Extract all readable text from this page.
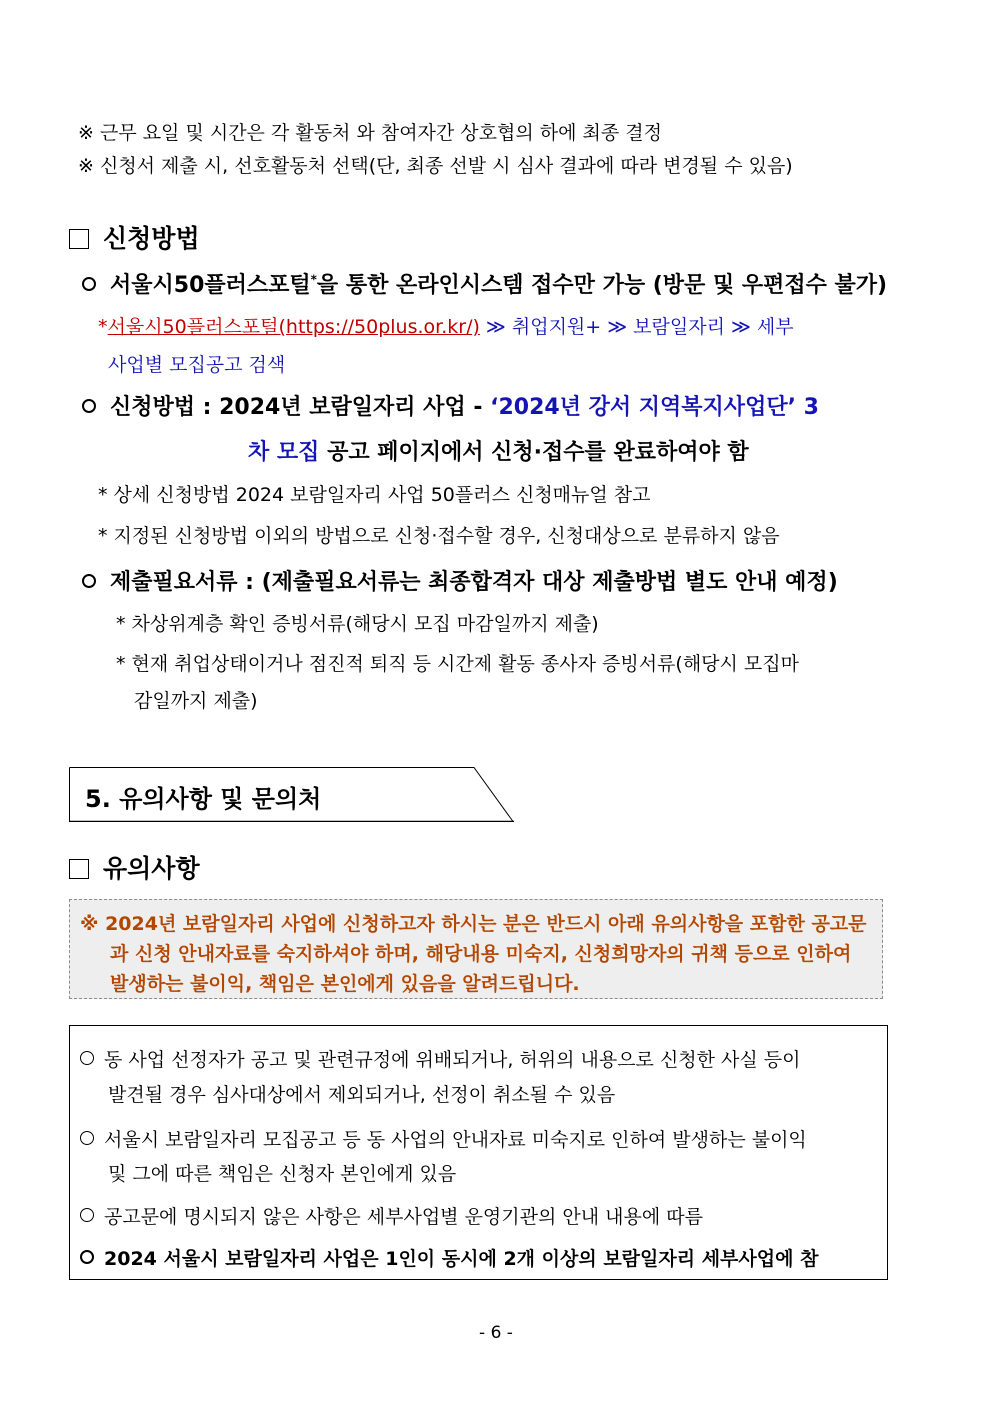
※ 근무 요일 및 시간은 각 활동처 와 참여자간 상호협의 하에 최종 결정
※ 신청서 제출 시, 선호활동처 선택(단, 최종 선발 시 심사 결과에 따라 변경될 수 있음)
신청방법
서울시50플러스포털*을 통한 온라인시스템 접수만 가능 (방문 및 우편접수 불가)
*서울시50플러스포털(https://50plus.or.kr/) ≫ 취업지원+ ≫ 보람일자리 ≫ 세부
사업별 모집공고 검색
신청방법 : 2024년 보람일자리 사업 - ‘2024년 강서 지역복지사업단’ 3
차 모집 공고 페이지에서 신청·접수를 완료하여야 함
* 상세 신청방법 2024 보람일자리 사업 50플러스 신청매뉴얼 참고
* 지정된 신청방법 이외의 방법으로 신청·접수할 경우, 신청대상으로 분류하지 않음
제출필요서류 : (제출필요서류는 최종합격자 대상 제출방법 별도 안내 예정)
* 차상위계층 확인 증빙서류(해당시 모집 마감일까지 제출)
* 현재 취업상태이거나 점진적 퇴직 등 시간제 활동 종사자 증빙서류(해당시 모집마
감일까지 제출)
5. 유의사항 및 문의처
유의사항
※ 2024년 보람일자리 사업에 신청하고자 하시는 분은 반드시 아래 유의사항을 포함한 공고문
과 신청 안내자료를 숙지하셔야 하며, 해당내용 미숙지, 신청희망자의 귀책 등으로 인하여
발생하는 불이익, 책임은 본인에게 있음을 알려드립니다.
동 사업 선정자가 공고 및 관련규정에 위배되거나, 허위의 내용으로 신청한 사실 등이
발견될 경우 심사대상에서 제외되거나, 선정이 취소될 수 있음
서울시 보람일자리 모집공고 등 동 사업의 안내자료 미숙지로 인하여 발생하는 불이익
및 그에 따른 책임은 신청자 본인에게 있음
공고문에 명시되지 않은 사항은 세부사업별 운영기관의 안내 내용에 따름
2024 서울시 보람일자리 사업은 1인이 동시에 2개 이상의 보람일자리 세부사업에 참
- 6 -
